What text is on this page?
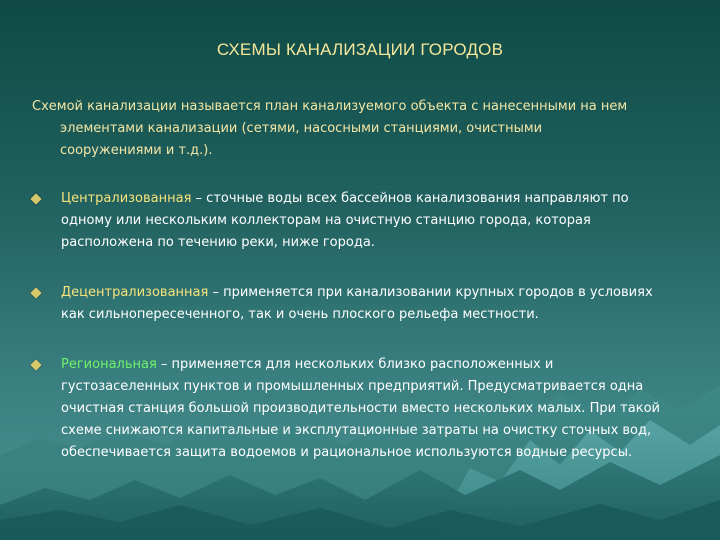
СХЕМЫ КАНАЛИЗАЦИИ ГОРОДОВ
Схемой канализации называется план канализуемого объекта с нанесенными на нем
элементами канализации (сетями, насосными станциями, очистными
сооружениями и т.д.).
Централизованная – сточные воды всех бассейнов канализования направляют по одному или нескольким коллекторам на очистную станцию города, которая расположена по течению реки, ниже города.
Децентрализованная – применяется при канализовании крупных городов в условиях как сильнопересеченного, так и очень плоского рельефа местности.
Региональная – применяется для нескольких близко расположенных и густозаселенных пунктов и промышленных предприятий. Предусматривается одна очистная станция большой производительности вместо нескольких малых. При такой схеме снижаются капитальные и эксплутационные затраты на очистку сточных вод, обеспечивается защита водоемов и рациональное используются водные ресурсы.
